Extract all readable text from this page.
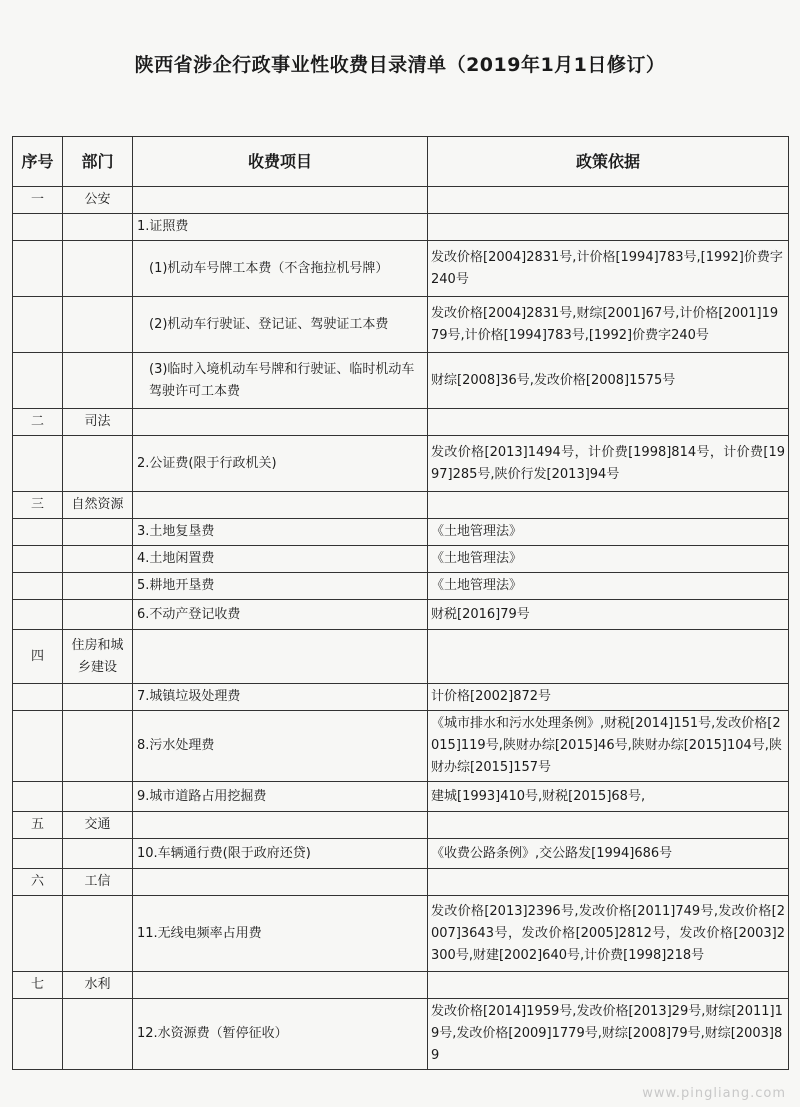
陕西省涉企行政事业性收费目录清单（2019年1月1日修订）
序号	部门	收费项目	政策依据
一	公安		
		1.证照费	
		(1)机动车号牌工本费（不含拖拉机号牌）	发改价格[2004]2831号,计价格[1994]783号,[1992]价费字240号
		(2)机动车行驶证、登记证、驾驶证工本费	发改价格[2004]2831号,财综[2001]67号,计价格[2001]1979号,计价格[1994]783号,[1992]价费字240号
		(3)临时入境机动车号牌和行驶证、临时机动车驾驶许可工本费	财综[2008]36号,发改价格[2008]1575号
二	司法		
		2.公证费(限于行政机关)	发改价格[2013]1494号，计价费[1998]814号，计价费[1997]285号,陕价行发[2013]94号
三	自然资源		
		3.土地复垦费	《土地管理法》
		4.土地闲置费	《土地管理法》
		5.耕地开垦费	《土地管理法》
		6.不动产登记收费	财税[2016]79号
四	住房和城乡建设		
		7.城镇垃圾处理费	计价格[2002]872号
		8.污水处理费	《城市排水和污水处理条例》,财税[2014]151号,发改价格[2015]119号,陕财办综[2015]46号,陕财办综[2015]104号,陕财办综[2015]157号
		9.城市道路占用挖掘费	建城[1993]410号,财税[2015]68号,
五	交通		
		10.车辆通行费(限于政府还贷)	《收费公路条例》,交公路发[1994]686号
六	工信		
		11.无线电频率占用费	发改价格[2013]2396号,发改价格[2011]749号,发改价格[2007]3643号，发改价格[2005]2812号，发改价格[2003]2300号,财建[2002]640号,计价费[1998]218号
七	水利		
		12.水资源费（暂停征收）	发改价格[2014]1959号,发改价格[2013]29号,财综[2011]19号,发改价格[2009]1779号,财综[2008]79号,财综[2003]89
www.pingliang.com
